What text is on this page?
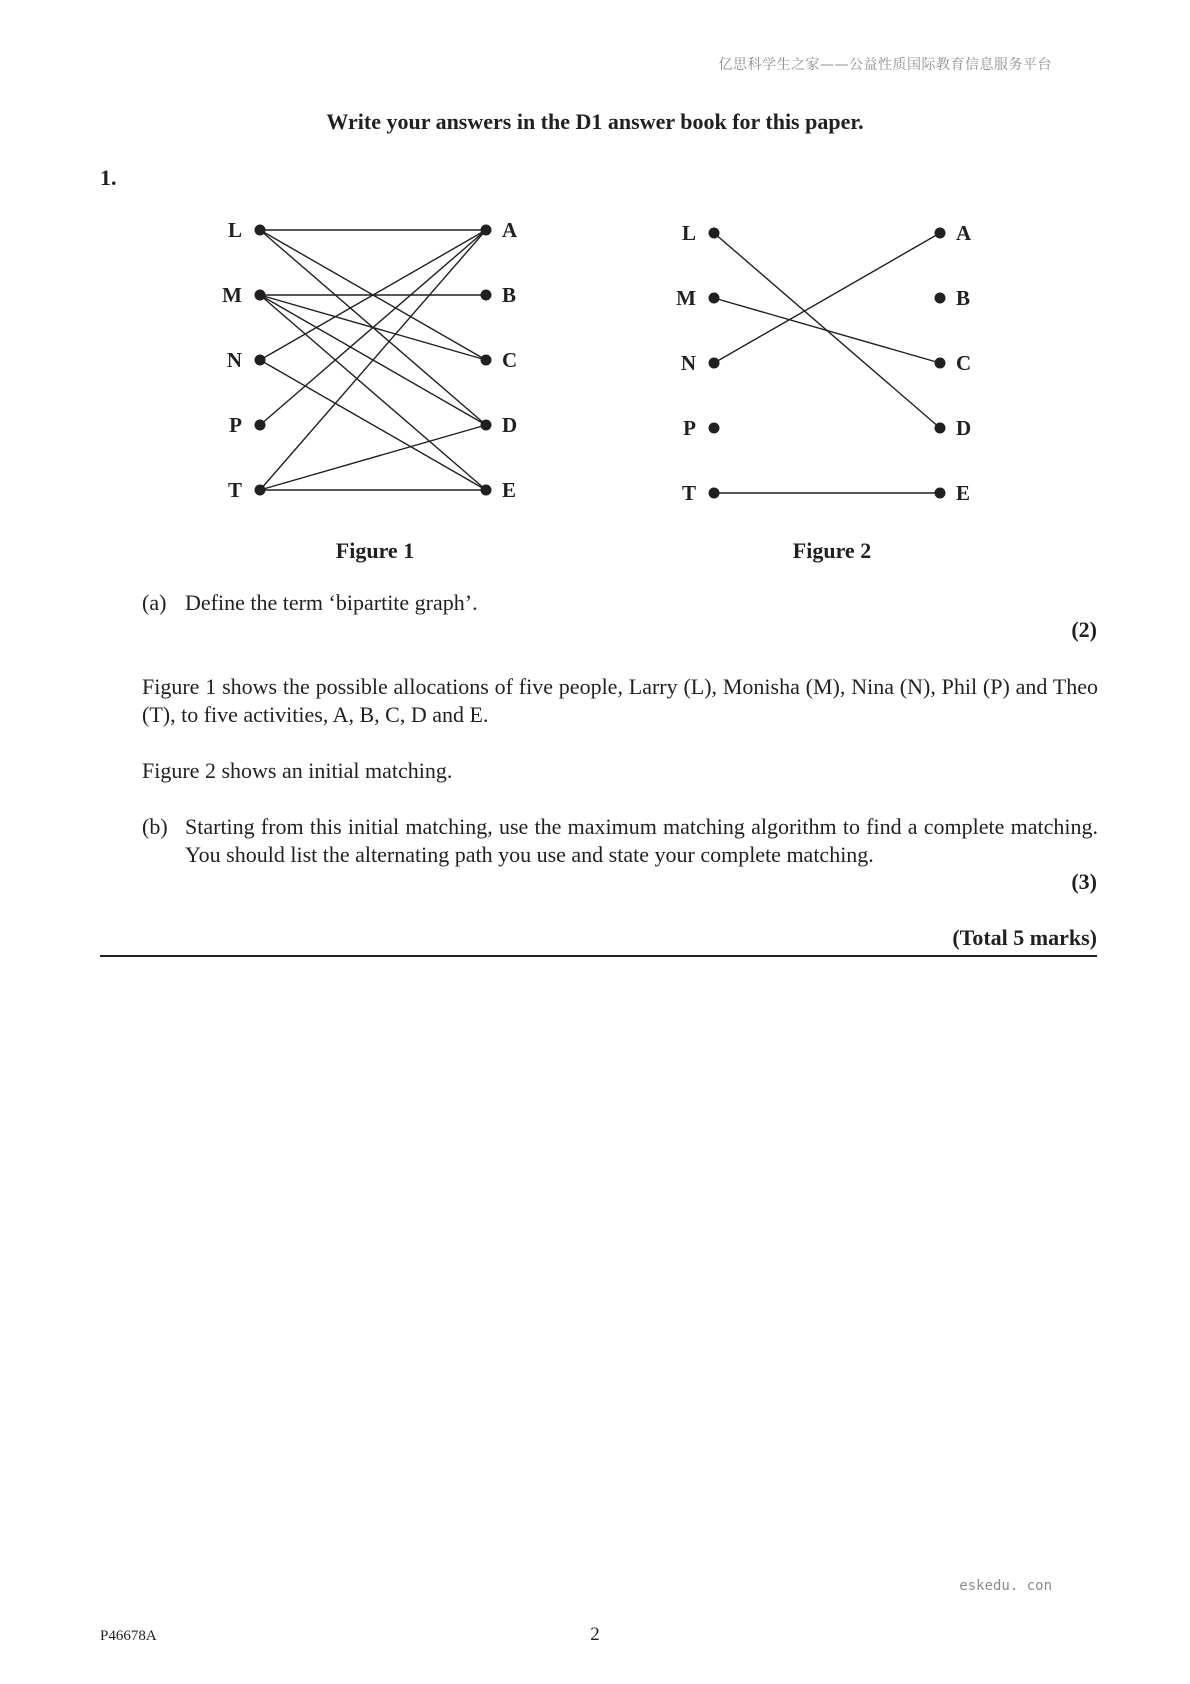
亿思科学生之家——公益性质国际教育信息服务平台
Write your answers in the D1 answer book for this paper.
1.
L
M
N
P
T
A
B
C
D
E
L
M
N
P
T
A
B
C
D
E
Figure 1	Figure 2
(a) Define the term ‘bipartite graph’.
(2)
Figure 1 shows the possible allocations of five people, Larry (L), Monisha (M), Nina (N), Phil (P) and Theo (T), to five activities, A, B, C, D and E.
Figure 2 shows an initial matching.
(b) Starting from this initial matching, use the maximum matching algorithm to find a complete matching. You should list the alternating path you use and state your complete matching.
(3)
(Total 5 marks)
eskedu. con
P46678A	2
